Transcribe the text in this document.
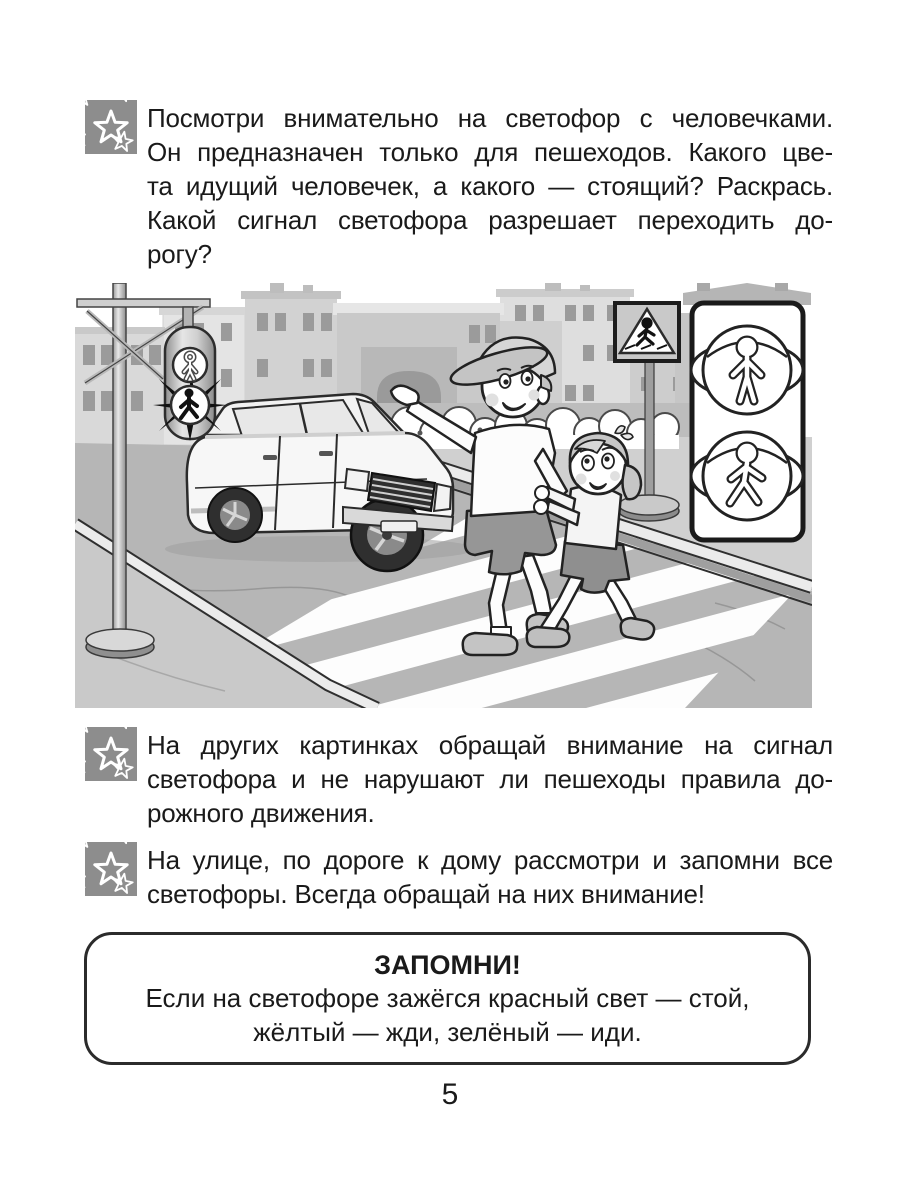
Посмотри внимательно на светофор с человечками.
Он предназначен только для пешеходов. Какого цве-
та идущий человечек, а какого — стоящий? Раскрась.
Какой сигнал светофора разрешает переходить до-
рогу?
На других картинках обращай внимание на сигнал
светофора и не нарушают ли пешеходы правила до-
рожного движения.
На улице, по дороге к дому рассмотри и запомни все
светофоры. Всегда обращай на них внимание!
ЗАПОМНИ!
Если на светофоре зажёгся красный свет — стой,
жёлтый — жди, зелёный — иди.
5
